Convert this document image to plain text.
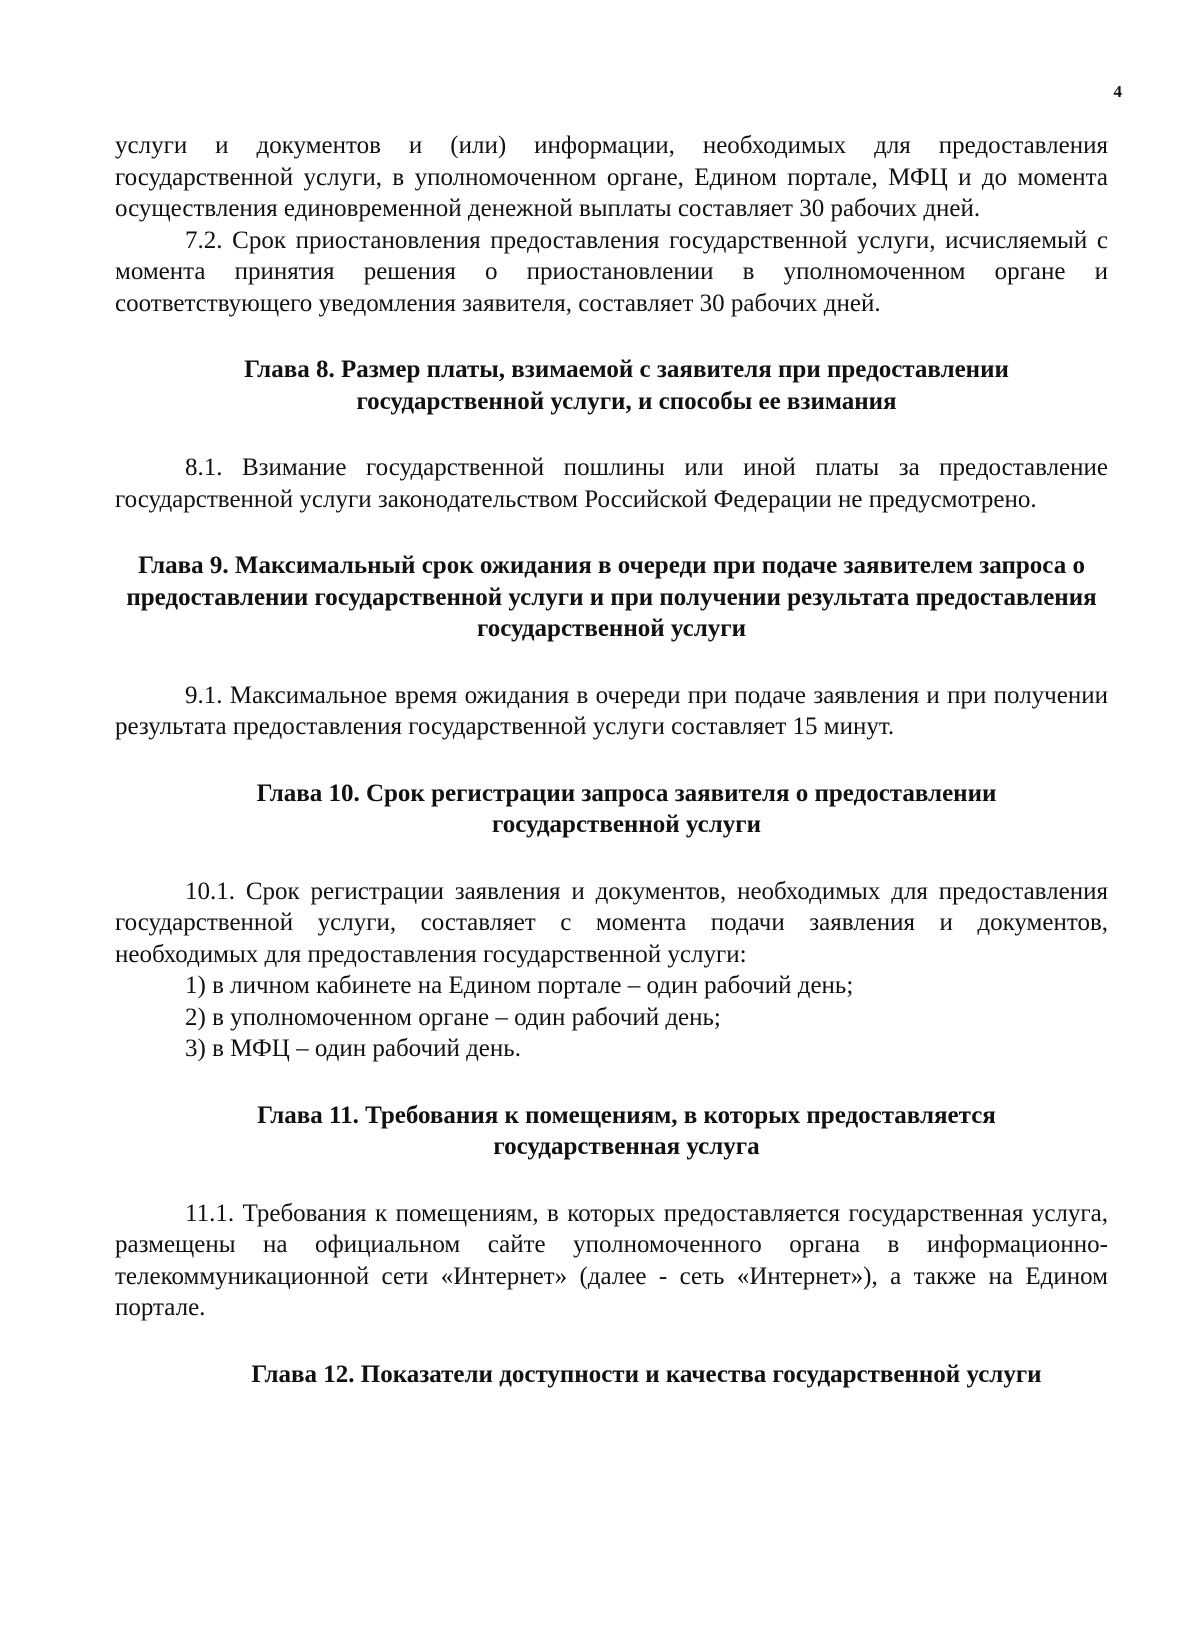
4

услуги и документов и (или) информации, необходимых для предоставления государственной услуги, в уполномоченном органе, Едином портале, МФЦ и до момента осуществления единовременной денежной выплаты составляет 30 рабочих дней.

7.2. Срок приостановления предоставления государственной услуги, исчисляемый с момента принятия решения о приостановлении в уполномоченном органе и соответствующего уведомления заявителя, составляет 30 рабочих дней.

Глава 8. Размер платы, взимаемой с заявителя при предоставлении государственной услуги, и способы ее взимания

8.1. Взимание государственной пошлины или иной платы за предоставление государственной услуги законодательством Российской Федерации не предусмотрено.

Глава 9. Максимальный срок ожидания в очереди при подаче заявителем запроса о предоставлении государственной услуги и при получении результата предоставления государственной услуги

9.1. Максимальное время ожидания в очереди при подаче заявления и при получении результата предоставления государственной услуги составляет 15 минут.

Глава 10. Срок регистрации запроса заявителя о предоставлении государственной услуги

10.1. Срок регистрации заявления и документов, необходимых для предоставления государственной услуги, составляет с момента подачи заявления и документов, необходимых для предоставления государственной услуги:

1) в личном кабинете на Едином портале – один рабочий день;

2) в уполномоченном органе – один рабочий день;

3) в МФЦ – один рабочий день.

Глава 11. Требования к помещениям, в которых предоставляется государственная услуга

11.1. Требования к помещениям, в которых предоставляется государственная услуга, размещены на официальном сайте уполномоченного органа в информационно-телекоммуникационной сети «Интернет» (далее - сеть «Интернет»), а также на Едином портале.

Глава 12. Показатели доступности и качества государственной услуги
